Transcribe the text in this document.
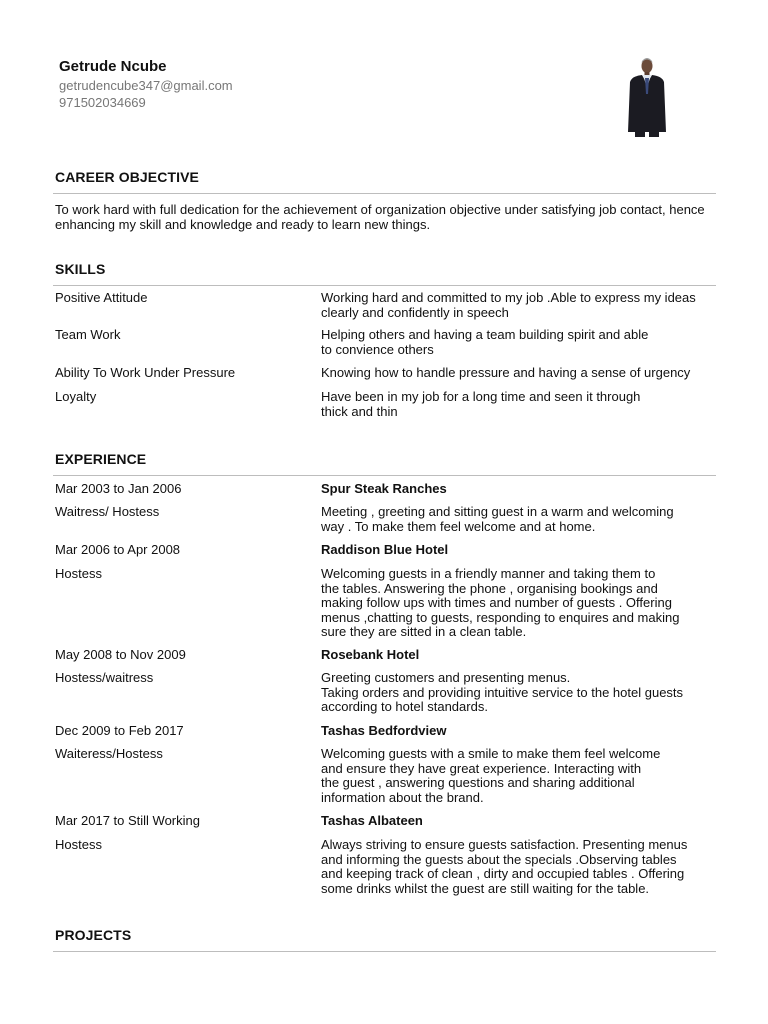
Getrude Ncube
getrudencube347@gmail.com
971502034669
CAREER OBJECTIVE
To work hard with full dedication for the achievement of organization objective under satisfying job contact, hence enhancing my skill and knowledge and ready to learn new things.
SKILLS
Positive Attitude	Working hard and committed to my job .Able to express my ideas
clearly and confidently in speech
Team Work	Helping others and having a team building spirit and able
to convience others
Ability To Work Under Pressure	Knowing how to handle pressure and having a sense of urgency
Loyalty	Have been in my job for a long time and seen it through
thick and thin
EXPERIENCE
Mar 2003 to Jan 2006	Spur Steak Ranches
Waitress/ Hostess	Meeting , greeting and sitting guest in a warm and welcoming
way . To make them feel welcome and at home.
Mar 2006 to Apr 2008	Raddison Blue Hotel
Hostess	Welcoming guests in a friendly manner and taking them to
the tables. Answering the phone , organising bookings and
making follow ups with times and number of guests . Offering
menus ,chatting to guests, responding to enquires and making
sure they are sitted in a clean table.
May 2008 to Nov 2009	Rosebank Hotel
Hostess/waitress	Greeting customers and presenting menus.
Taking orders and providing intuitive service to the hotel guests
according to hotel standards.
Dec 2009 to Feb 2017	Tashas Bedfordview
Waiteress/Hostess	Welcoming guests with a smile to make them feel welcome
and ensure they have great experience. Interacting with
the guest , answering questions and sharing additional
information about the brand.
Mar 2017 to Still Working	Tashas Albateen
Hostess	Always striving to ensure guests satisfaction. Presenting menus
and informing the guests about the specials .Observing tables
and keeping track of clean , dirty and occupied tables . Offering
some drinks whilst the guest are still waiting for the table.
PROJECTS
